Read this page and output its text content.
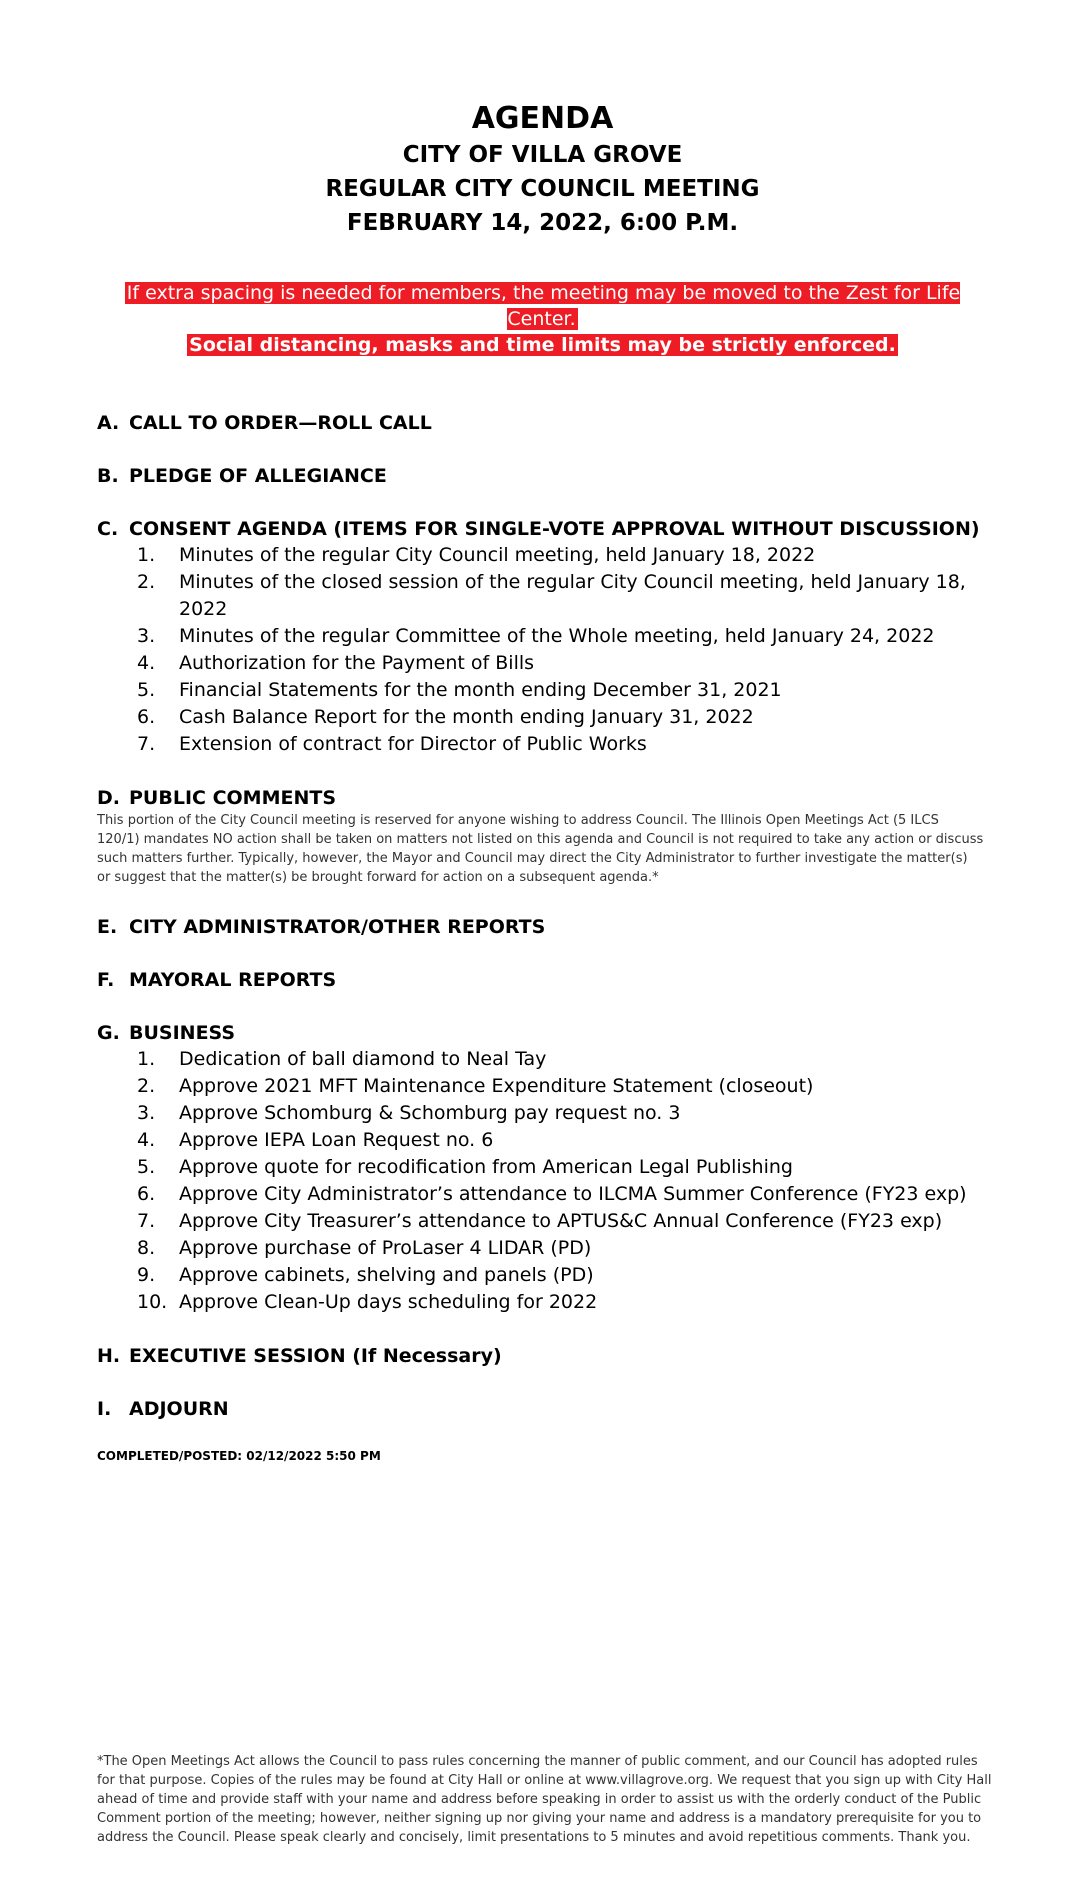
AGENDA
CITY OF VILLA GROVE
REGULAR CITY COUNCIL MEETING
FEBRUARY 14, 2022, 6:00 P.M.
If extra spacing is needed for members, the meeting may be moved to the Zest for Life Center.
Social distancing, masks and time limits may be strictly enforced.
A. CALL TO ORDER—ROLL CALL
B. PLEDGE OF ALLEGIANCE
C. CONSENT AGENDA (ITEMS FOR SINGLE-VOTE APPROVAL WITHOUT DISCUSSION)
1.	Minutes of the regular City Council meeting, held January 18, 2022
2.	Minutes of the closed session of the regular City Council meeting, held January 18, 2022
3.	Minutes of the regular Committee of the Whole meeting, held January 24, 2022
4.	Authorization for the Payment of Bills
5.	Financial Statements for the month ending December 31, 2021
6.	Cash Balance Report for the month ending January 31, 2022
7.	Extension of contract for Director of Public Works
D. PUBLIC COMMENTS
This portion of the City Council meeting is reserved for anyone wishing to address Council. The Illinois Open Meetings Act (5 ILCS 120/1) mandates NO action shall be taken on matters not listed on this agenda and Council is not required to take any action or discuss such matters further. Typically, however, the Mayor and Council may direct the City Administrator to further investigate the matter(s) or suggest that the matter(s) be brought forward for action on a subsequent agenda.*
E. CITY ADMINISTRATOR/OTHER REPORTS
F. MAYORAL REPORTS
G. BUSINESS
1.	Dedication of ball diamond to Neal Tay
2.	Approve 2021 MFT Maintenance Expenditure Statement (closeout)
3.	Approve Schomburg & Schomburg pay request no. 3
4.	Approve IEPA Loan Request no. 6
5.	Approve quote for recodification from American Legal Publishing
6.	Approve City Administrator’s attendance to ILCMA Summer Conference (FY23 exp)
7.	Approve City Treasurer’s attendance to APTUS&C Annual Conference (FY23 exp)
8.	Approve purchase of ProLaser 4 LIDAR (PD)
9.	Approve cabinets, shelving and panels (PD)
10. Approve Clean-Up days scheduling for 2022
H. EXECUTIVE SESSION (If Necessary)
I. ADJOURN
COMPLETED/POSTED: 02/12/2022 5:50 PM
*The Open Meetings Act allows the Council to pass rules concerning the manner of public comment, and our Council has adopted rules for that purpose. Copies of the rules may be found at City Hall or online at www.villagrove.org. We request that you sign up with City Hall ahead of time and provide staff with your name and address before speaking in order to assist us with the orderly conduct of the Public Comment portion of the meeting; however, neither signing up nor giving your name and address is a mandatory prerequisite for you to address the Council. Please speak clearly and concisely, limit presentations to 5 minutes and avoid repetitious comments. Thank you.
